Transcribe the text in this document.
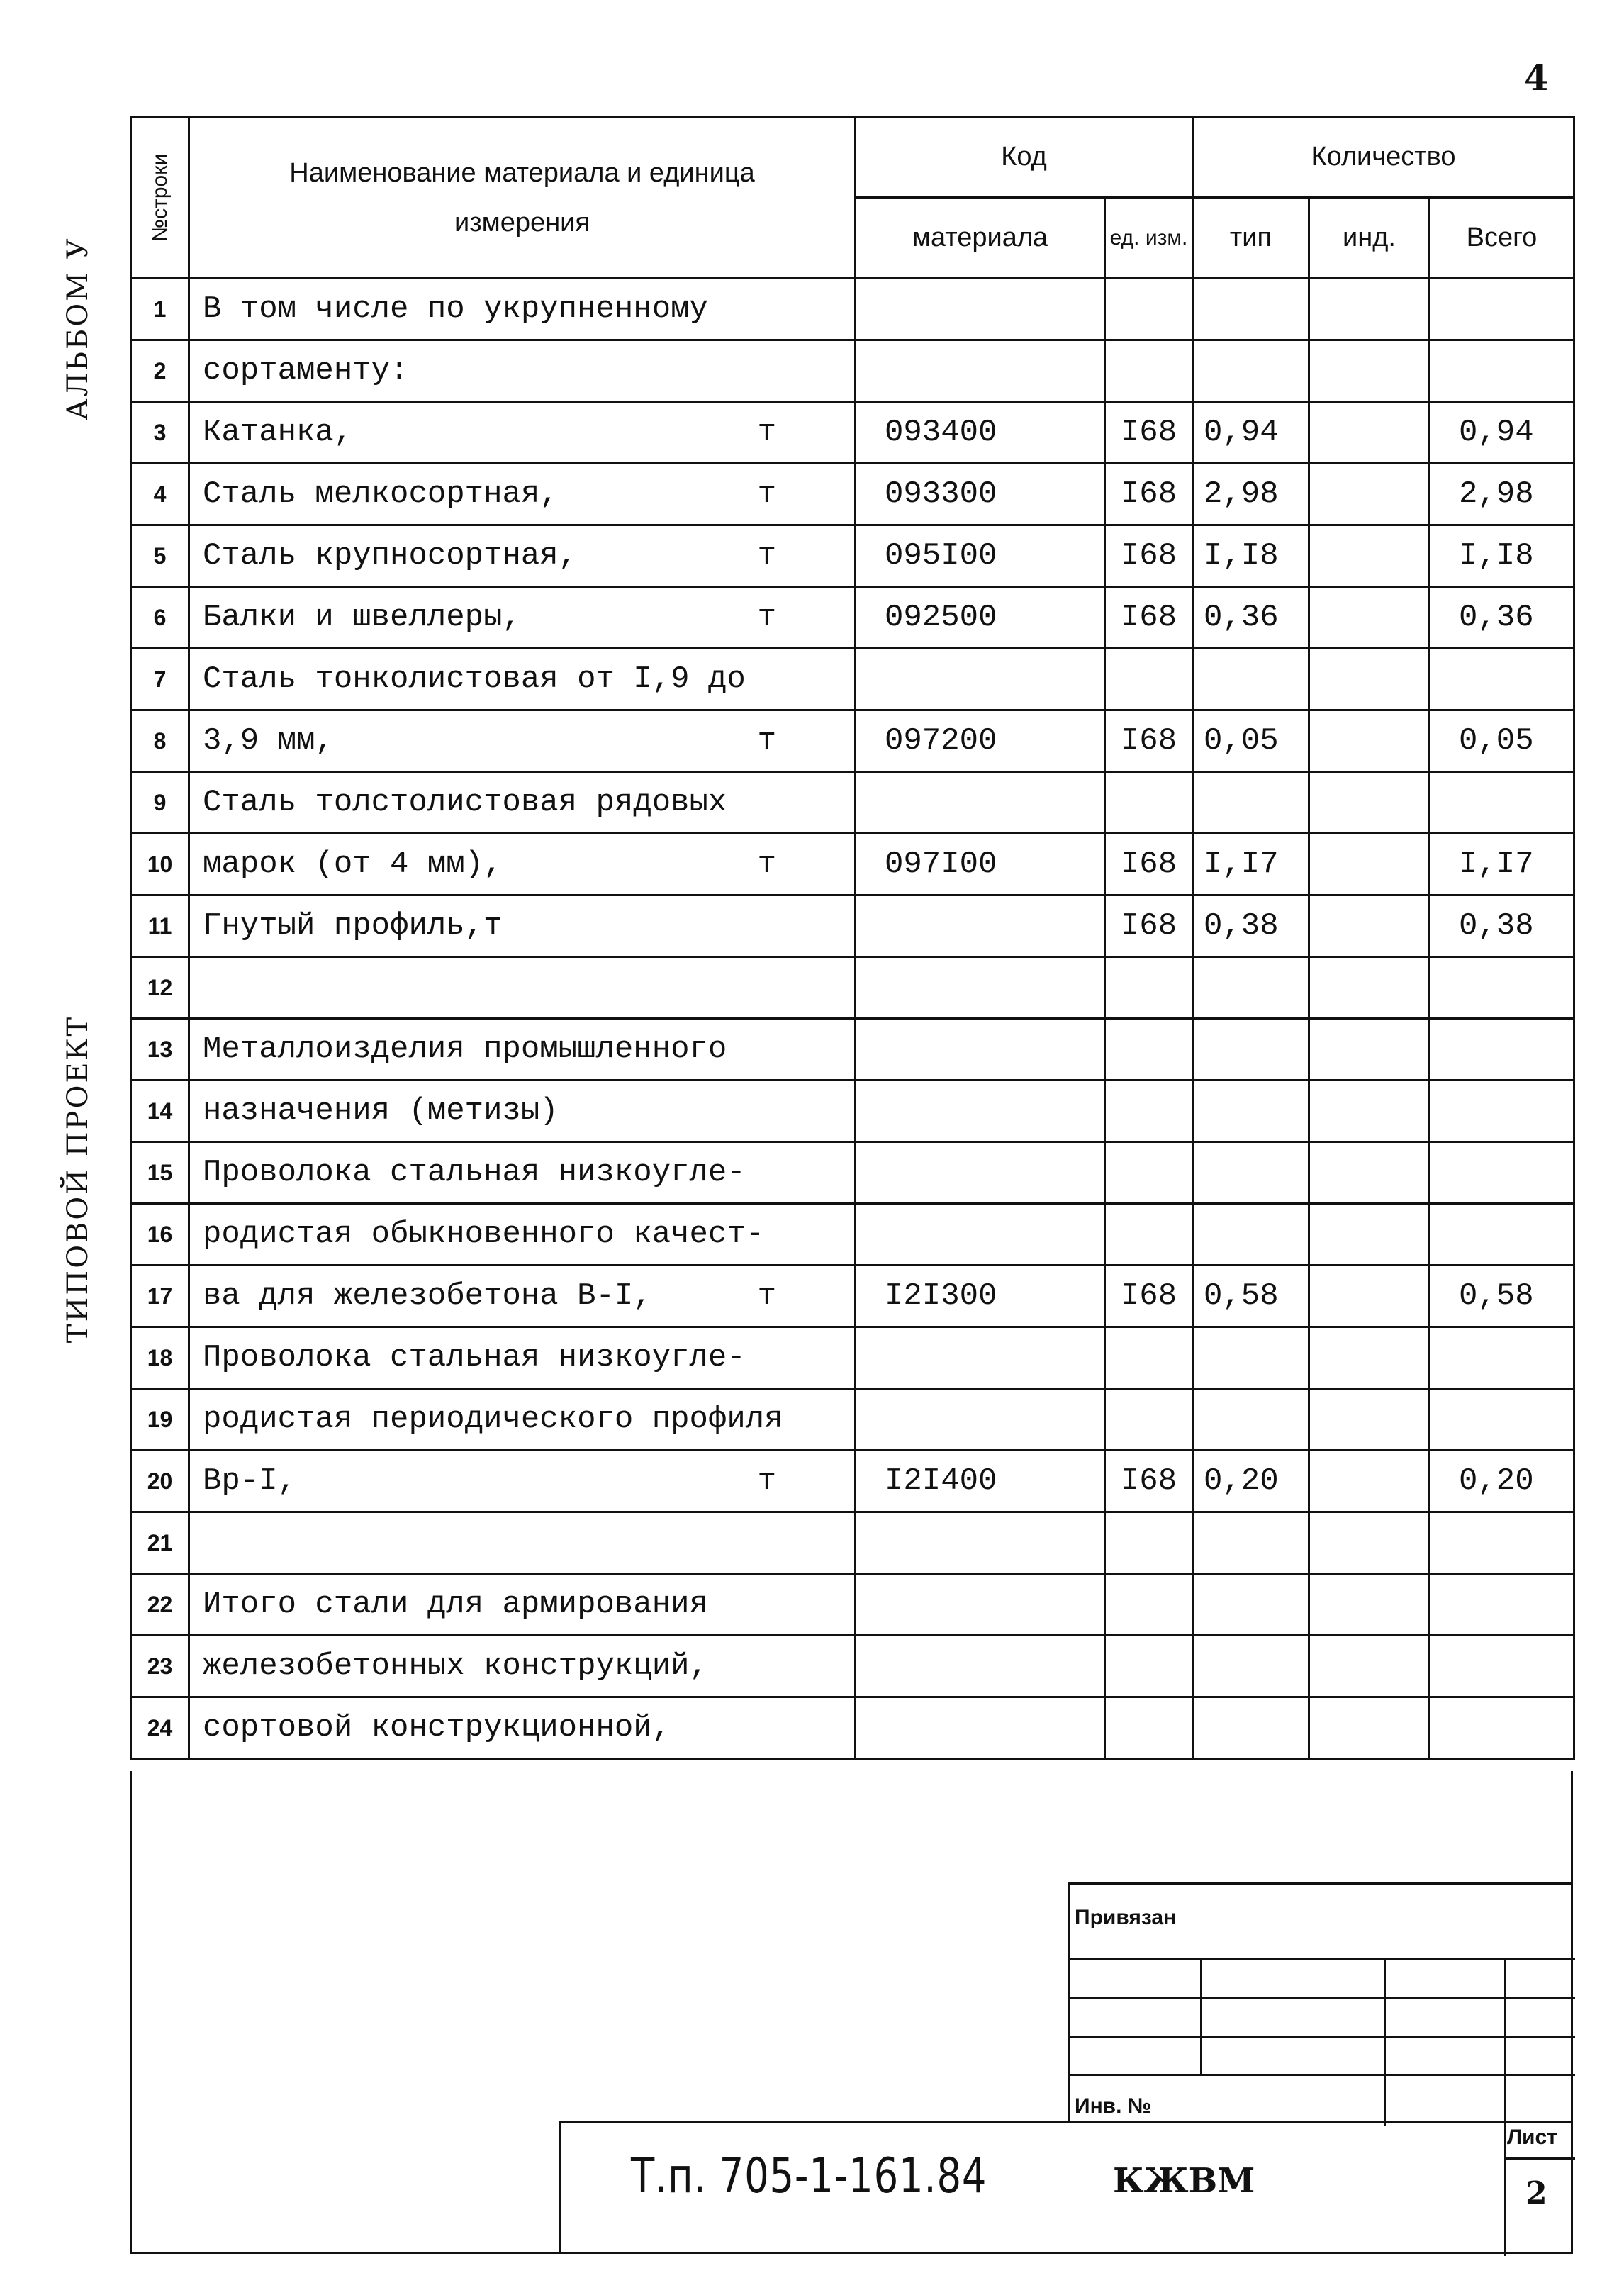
4
АЛЬБОМ У
ТИПОВОЙ ПРОЕКТ
№строки	Наименование материала и единица измерения	Код		Количество		
		материала	ед. изм.	тип	инд.	Всего
1	В том числе по укрупненному

2	сортаменту:

3	Катанка, т	093400	I68	0,94		0,94
4	Сталь мелкосортная, т	093300	I68	2,98		2,98
5	Сталь крупносортная, т	095I00	I68	I,I8		I,I8
6	Балки и швеллеры, т	092500	I68	0,36		0,36
7	Сталь тонколистовая от I,9 до

8	3,9 мм, т	097200	I68	0,05		0,05
9	Сталь толстолистовая рядовых

10	марок (от 4 мм), т	097I00	I68	I,I7		I,I7
11	Гнутый профиль,т		I68	0,38		0,38
12	

13	Металлоизделия промышленного

14	назначения (метизы)

15	Проволока стальная низкоугле-

16	родистая обыкновенного качест-

17	ва для железобетона В-I, т	I2I300	I68	0,58		0,58
18	Проволока стальная низкоугле-

19	родистая периодического профиля

20	Вр-I, т	I2I400	I68	0,20		0,20
21	

22	Итого стали для армирования

23	железобетонных конструкций,

24	сортовой конструкционной,

Привязан
Инв. №
Т.п. 705-1-161.84	КЖВМ
Лист
2
